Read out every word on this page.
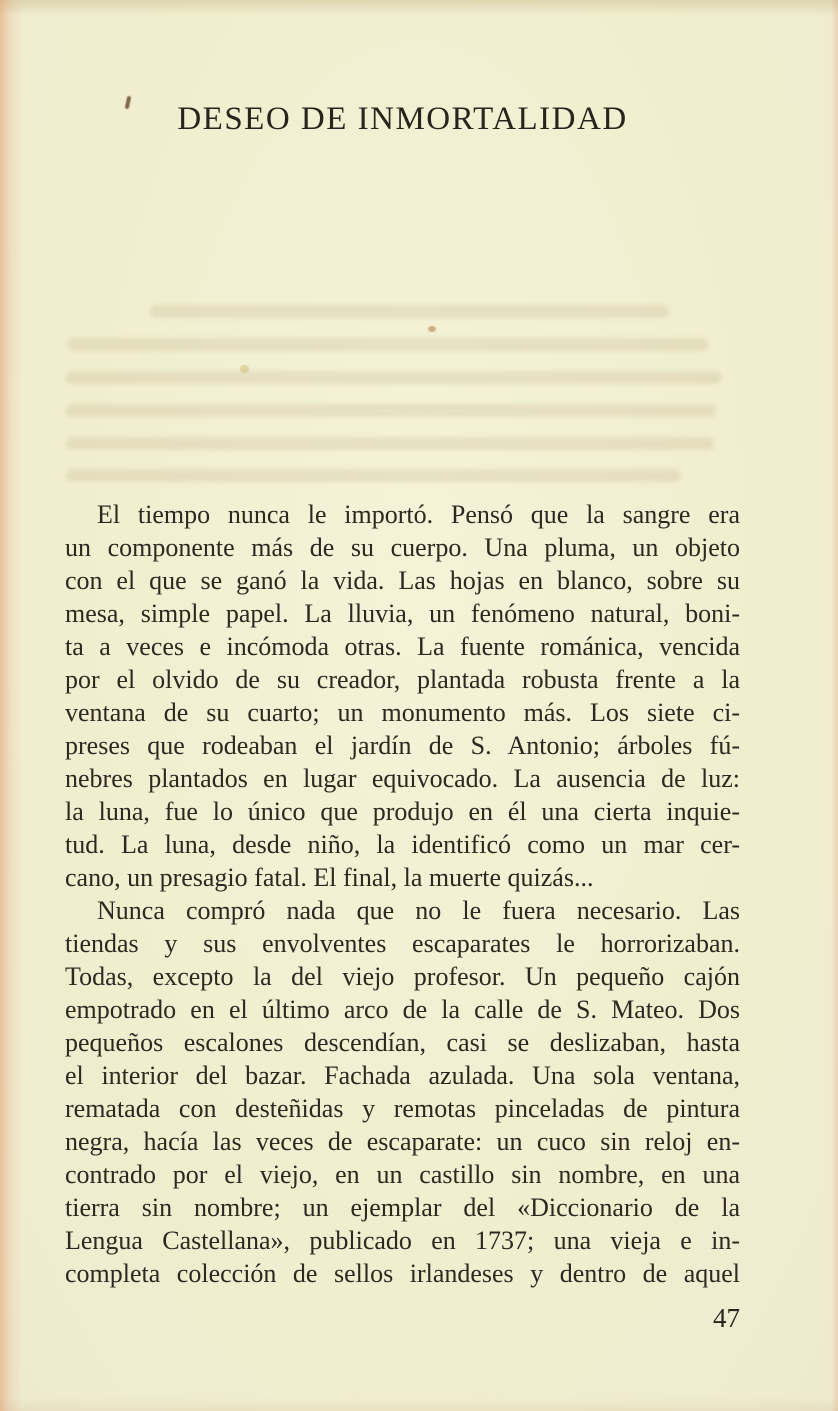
DESEO DE INMORTALIDAD
El tiempo nunca le importó. Pensó que la sangre era
un componente más de su cuerpo. Una pluma, un objeto
con el que se ganó la vida. Las hojas en blanco, sobre su
mesa, simple papel. La lluvia, un fenómeno natural, boni-
ta a veces e incómoda otras. La fuente románica, vencida
por el olvido de su creador, plantada robusta frente a la
ventana de su cuarto; un monumento más. Los siete ci-
preses que rodeaban el jardín de S. Antonio; árboles fú-
nebres plantados en lugar equivocado. La ausencia de luz:
la luna, fue lo único que produjo en él una cierta inquie-
tud. La luna, desde niño, la identificó como un mar cer-
cano, un presagio fatal. El final, la muerte quizás...
Nunca compró nada que no le fuera necesario. Las
tiendas y sus envolventes escaparates le horrorizaban.
Todas, excepto la del viejo profesor. Un pequeño cajón
empotrado en el último arco de la calle de S. Mateo. Dos
pequeños escalones descendían, casi se deslizaban, hasta
el interior del bazar. Fachada azulada. Una sola ventana,
rematada con desteñidas y remotas pinceladas de pintura
negra, hacía las veces de escaparate: un cuco sin reloj en-
contrado por el viejo, en un castillo sin nombre, en una
tierra sin nombre; un ejemplar del «Diccionario de la
Lengua Castellana», publicado en 1737; una vieja e in-
completa colección de sellos irlandeses y dentro de aquel
47
